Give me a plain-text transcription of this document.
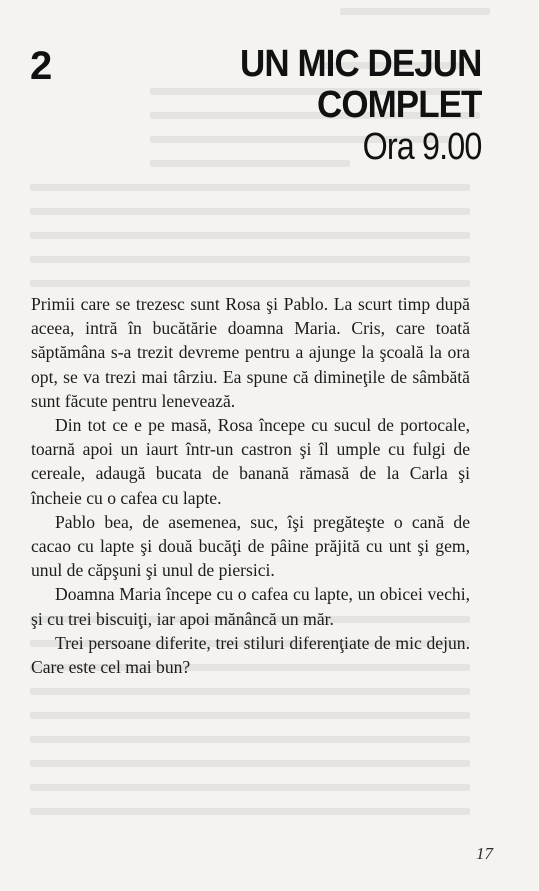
2	UN MIC DEJUN
COMPLET
Ora 9.00

Primii care se trezesc sunt Rosa şi Pablo. La scurt timp după aceea, intră în bucătărie doamna Maria. Cris, care toată săptămâna s-a trezit devreme pentru a ajunge la şcoală la ora opt, se va trezi mai târziu. Ea spune că dimineţile de sâmbătă sunt făcute pentru lenevează.

Din tot ce e pe masă, Rosa începe cu sucul de portocale, toarnă apoi un iaurt într-un castron şi îl umple cu fulgi de cereale, adaugă bucata de banană rămasă de la Carla şi încheie cu o cafea cu lapte.

Pablo bea, de asemenea, suc, îşi pregăteşte o cană de cacao cu lapte şi două bucăţi de pâine prăjită cu unt şi gem, unul de căpşuni şi unul de piersici.

Doamna Maria începe cu o cafea cu lapte, un obicei vechi, şi cu trei biscuiţi, iar apoi mănâncă un măr.

Trei persoane diferite, trei stiluri diferenţiate de mic dejun. Care este cel mai bun?

17
